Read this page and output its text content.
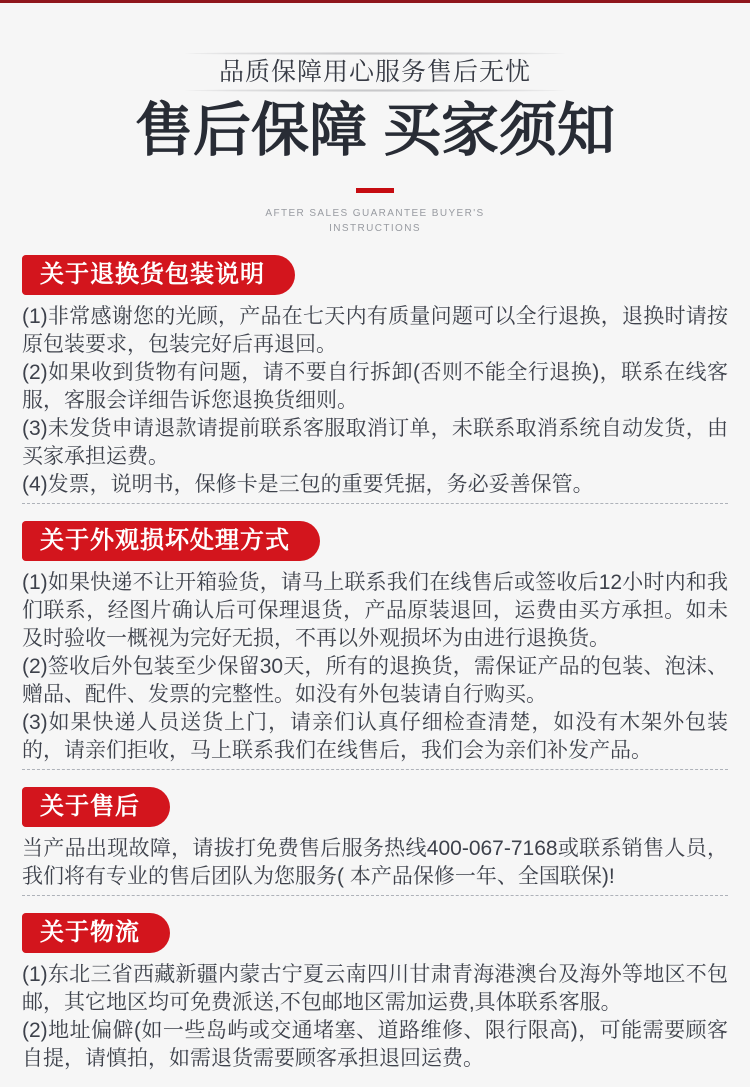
品质保障用心服务售后无忧
售后保障 买家须知
AFTER SALES GUARANTEE BUYER'S
INSTRUCTIONS
关于退换货包装说明

(1)非常感谢您的光顾，产品在七天内有质量问题可以全行退换，退换时请按原包装要求，包装完好后再退回。

(2)如果收到货物有问题，请不要自行拆卸(否则不能全行退换)，联系在线客服，客服会详细告诉您退换货细则。

(3)未发货申请退款请提前联系客服取消订单，未联系取消系统自动发货，由买家承担运费。

(4)发票，说明书，保修卡是三包的重要凭据，务必妥善保管。

关于外观损坏处理方式

(1)如果快递不让开箱验货，请马上联系我们在线售后或签收后12小时内和我们联系，经图片确认后可保理退货，产品原装退回，运费由买方承担。如未及时验收一概视为完好无损，不再以外观损坏为由进行退换货。

(2)签收后外包装至少保留30天，所有的退换货，需保证产品的包装、泡沫、赠品、配件、发票的完整性。如没有外包装请自行购买。

(3)如果快递人员送货上门，请亲们认真仔细检查清楚，如没有木架外包装的，请亲们拒收，马上联系我们在线售后，我们会为亲们补发产品。

关于售后

当产品出现故障，请拔打免费售后服务热线400-067-7168或联系销售人员，我们将有专业的售后团队为您服务( 本产品保修一年、全国联保)!

关于物流

(1)东北三省西藏新疆内蒙古宁夏云南四川甘肃青海港澳台及海外等地区不包邮，其它地区均可免费派送,不包邮地区需加运费,具体联系客服。

(2)地址偏僻(如一些岛屿或交通堵塞、道路维修、限行限高)，可能需要顾客自提，请慎拍，如需退货需要顾客承担退回运费。
